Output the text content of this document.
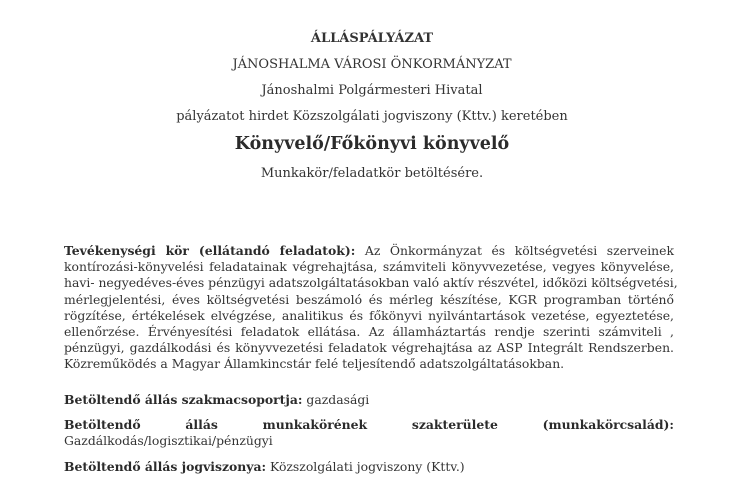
ÁLLÁSPÁLYÁZAT
JÁNOSHALMA VÁROSI ÖNKORMÁNYZAT
Jánoshalmi Polgármesteri Hivatal
pályázatot hirdet Közszolgálati jogviszony (Kttv.) keretében
Könyvelő/Főkönyvi könyvelő
Munkakör/feladatkör betöltésére.
Tevékenységi kör (ellátandó feladatok): Az Önkormányzat és költségvetési szerveinek
kontírozási-könyvelési feladatainak végrehajtása, számviteli könyvvezetése, vegyes könyvelése,
havi- negyedéves-éves pénzügyi adatszolgáltatásokban való aktív részvétel, időközi költségvetési,
mérlegjelentési, éves költségvetési beszámoló és mérleg készítése, KGR programban történő
rögzítése, értékelések elvégzése, analitikus és főkönyvi nyilvántartások vezetése, egyeztetése,
ellenőrzése. Érvényesítési feladatok ellátása. Az államháztartás rendje szerinti számviteli ,
pénzügyi, gazdálkodási és könyvvezetési feladatok végrehajtása az ASP Integrált Rendszerben.
Közreműködés a Magyar Államkincstár felé teljesítendő adatszolgáltatásokban.
Betöltendő állás szakmacsoportja: gazdasági
Betöltendő állás munkakörének szakterülete (munkakörcsalád):
Gazdálkodás/logisztikai/pénzügyi
Betöltendő állás jogviszonya: Közszolgálati jogviszony (Kttv.)
